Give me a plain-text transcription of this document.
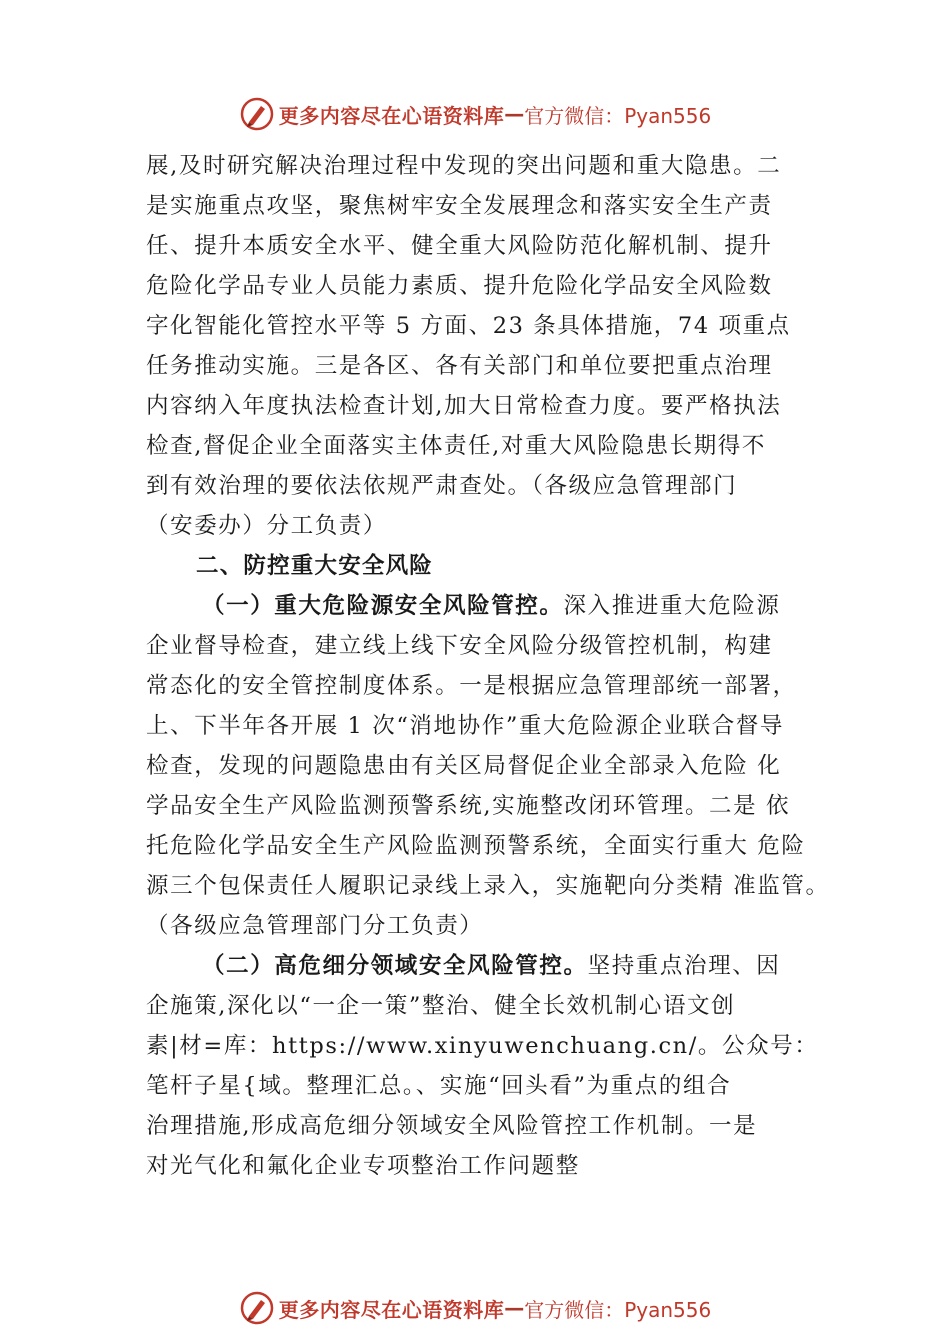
更多内容尽在心语资料库 — 官方微信：Pyan556
展,及时研究解决治理过程中发现的突出问题和重大隐患。二
是实施重点攻坚，聚焦树牢安全发展理念和落实安全生产责
任、提升本质安全水平、健全重大风险防范化解机制、提升
危险化学品专业人员能力素质、提升危险化学品安全风险数
字化智能化管控水平等 5 方面、23 条具体措施，74 项重点
任务推动实施。三是各区、各有关部门和单位要把重点治理
内容纳入年度执法检查计划,加大日常检查力度。要严格执法
检查,督促企业全面落实主体责任,对重大风险隐患长期得不
到有效治理的要依法依规严肃查处。（各级应急管理部门
（安委办）分工负责）
二、防控重大安全风险
（一）重大危险源安全风险管控。深入推进重大危险源
企业督导检查，建立线上线下安全风险分级管控机制，构建
常态化的安全管控制度体系。一是根据应急管理部统一部署，
上、下半年各开展 1 次“消地协作”重大危险源企业联合督导
检查，发现的问题隐患由有关区局督促企业全部录入危险 化
学品安全生产风险监测预警系统,实施整改闭环管理。二是 依
托危险化学品安全生产风险监测预警系统，全面实行重大 危险
源三个包保责任人履职记录线上录入，实施靶向分类精 准监管。
（各级应急管理部门分工负责）
（二）高危细分领域安全风险管控。坚持重点治理、因
企施策,深化以“一企一策”整治、健全长效机制心语文创
素|材=库：https://www.xinyuwenchuang.cn/。公众号：
笔杆子星{域。整理汇总。、实施“回头看”为重点的组合
治理措施,形成高危细分领域安全风险管控工作机制。一是
对光气化和氟化企业专项整治工作问题整
更多内容尽在心语资料库 — 官方微信：Pyan556
